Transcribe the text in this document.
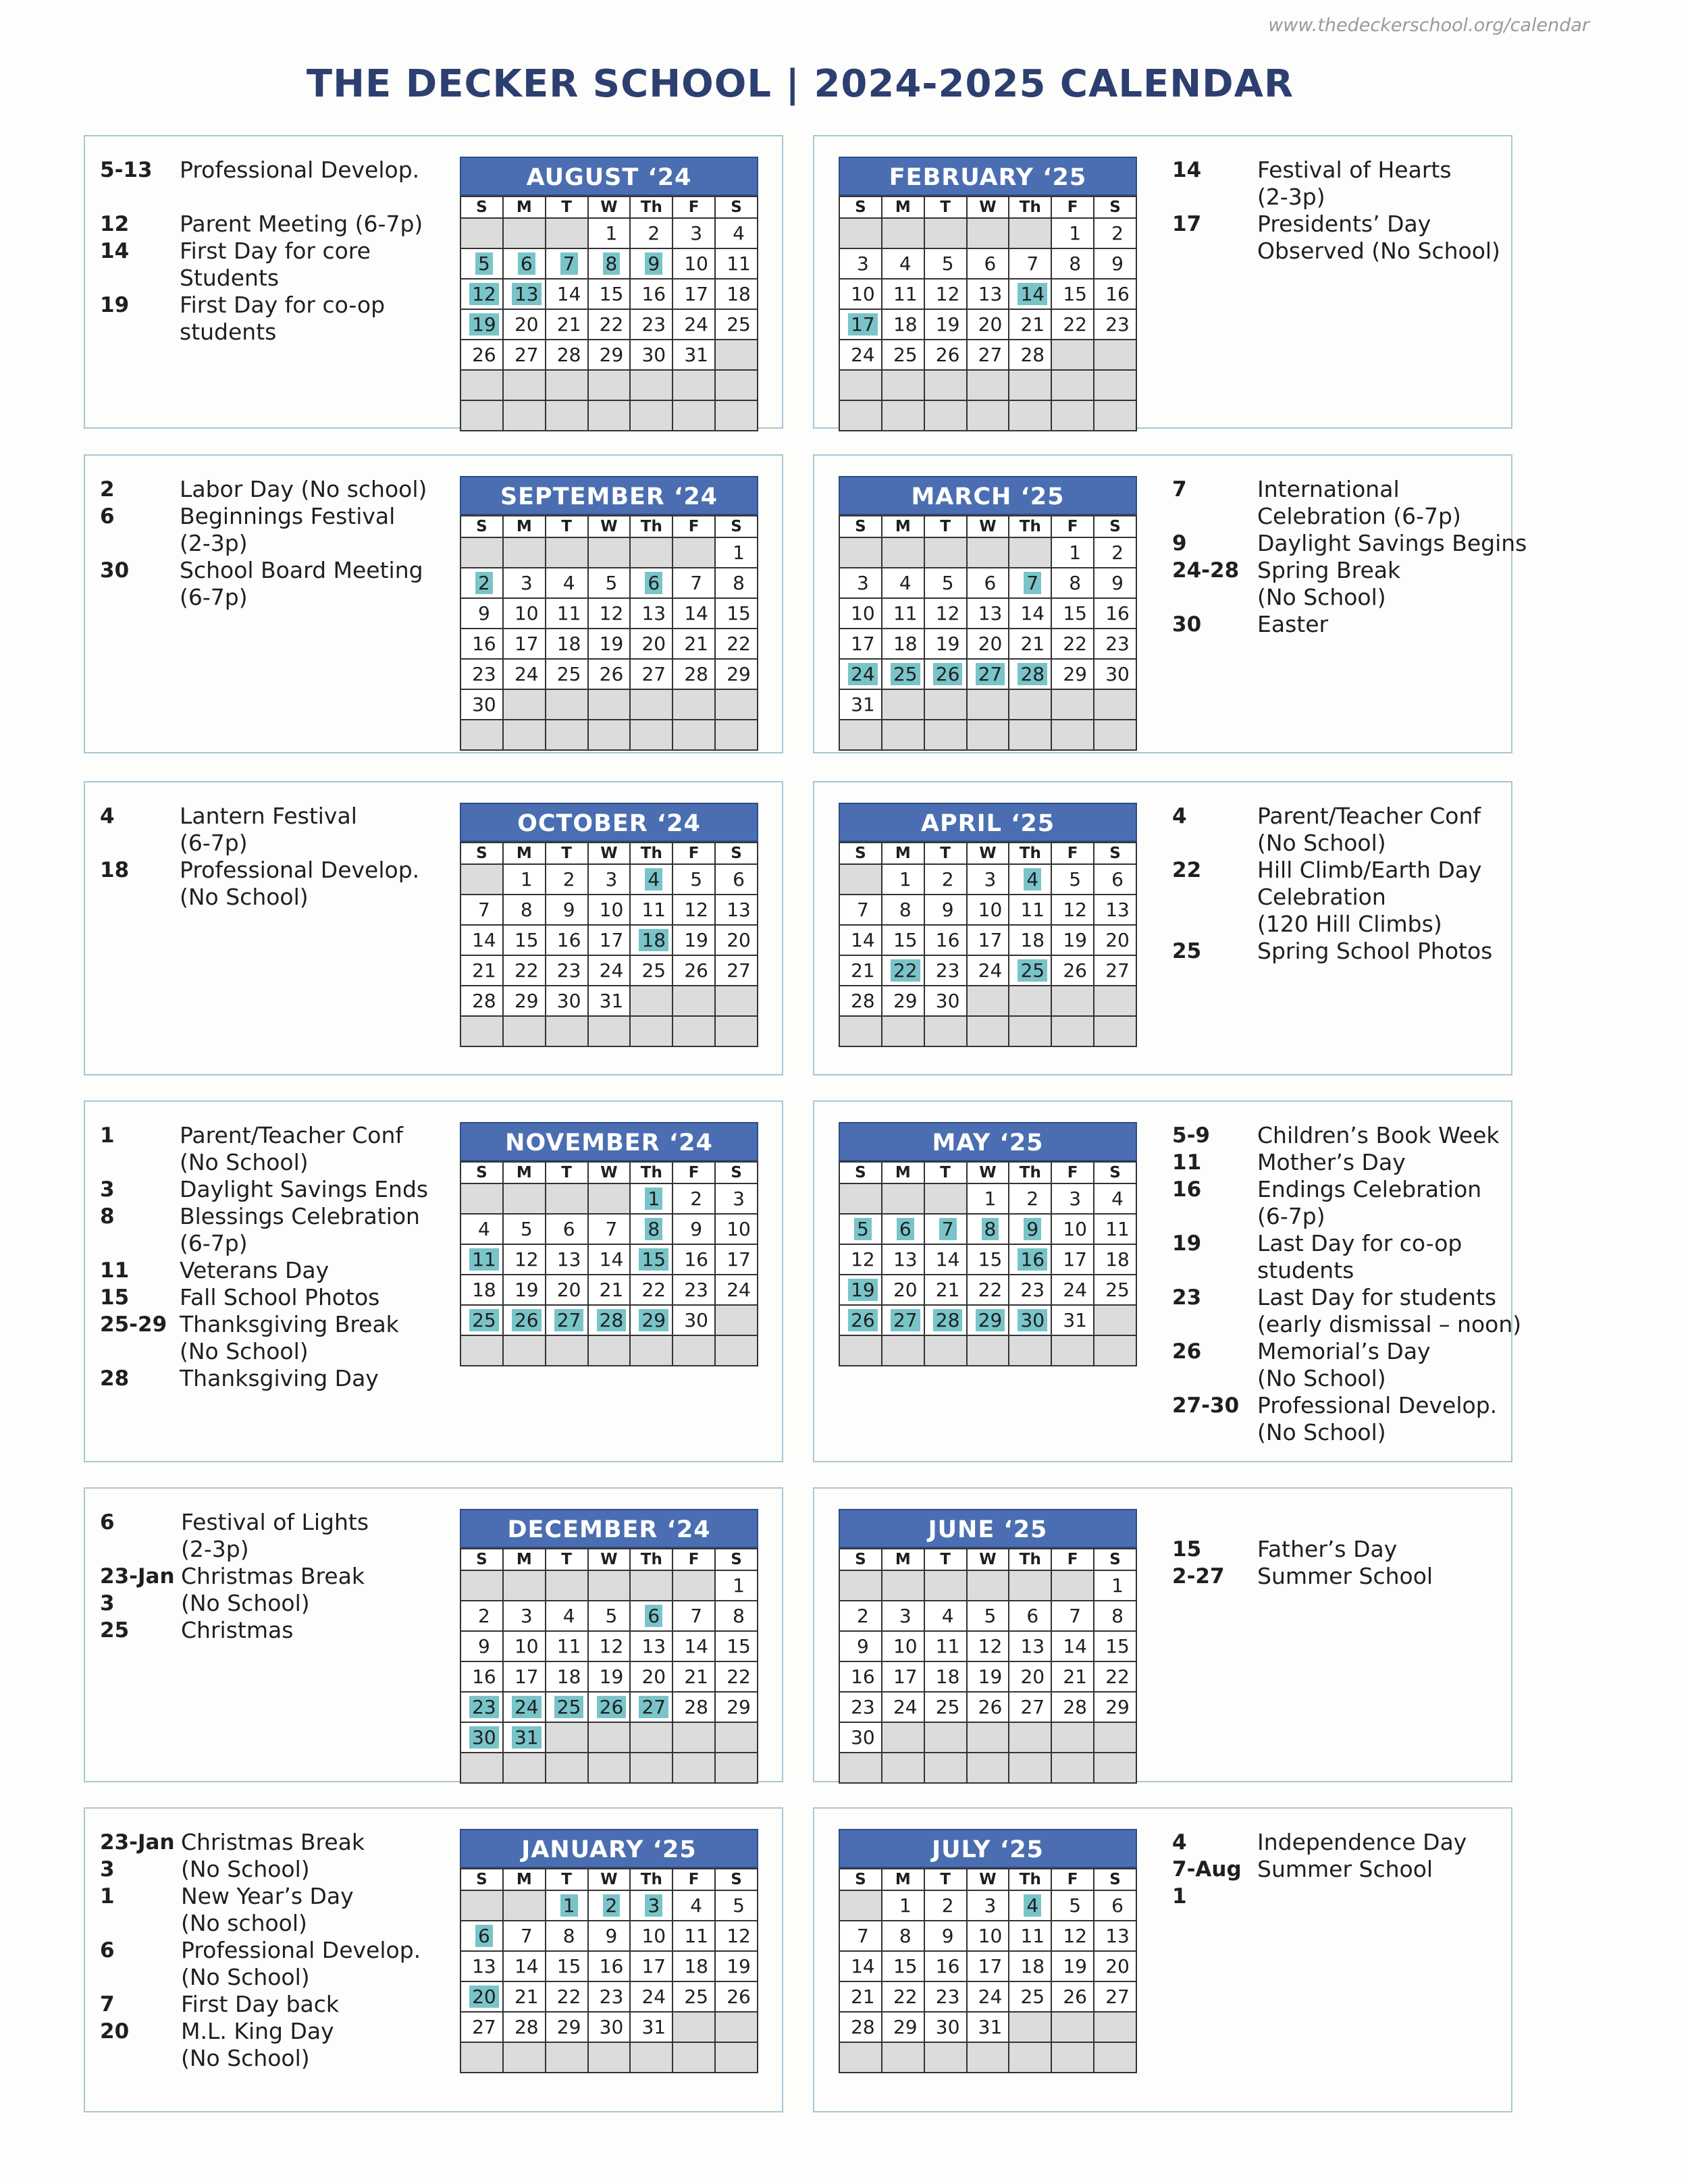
www.thedeckerschool.org/calendar
THE DECKER SCHOOL | 2024-2025 CALENDAR
5-13	Professional Develop.
12	Parent Meeting (6-7p)
14	First Day for core
Students
19	First Day for co-op
students
AUGUST ‘24
S	M	T	W	Th	F	S
			1	2	3	4
5	6	7	8	9	10	11
12	13	14	15	16	17	18
19	20	21	22	23	24	25
26	27	28	29	30	31	

FEBRUARY ‘25
S	M	T	W	Th	F	S
					1	2
3	4	5	6	7	8	9
10	11	12	13	14	15	16
17	18	19	20	21	22	23
24	25	26	27	28		

14	Festival of Hearts
(2-3p)
17	Presidents’ Day
Observed (No School)
2	Labor Day (No school)
6	Beginnings Festival
(2-3p)
30	School Board Meeting
(6-7p)
SEPTEMBER ‘24
S	M	T	W	Th	F	S
						1
2	3	4	5	6	7	8
9	10	11	12	13	14	15
16	17	18	19	20	21	22
23	24	25	26	27	28	29
30						

MARCH ‘25
S	M	T	W	Th	F	S
					1	2
3	4	5	6	7	8	9
10	11	12	13	14	15	16
17	18	19	20	21	22	23
24	25	26	27	28	29	30
31						

7	International
Celebration (6-7p)
9	Daylight Savings Begins
24-28 Spring Break
(No School)
30	Easter
4	Lantern Festival
(6-7p)
18	Professional Develop.
(No School)
OCTOBER ‘24
S	M	T	W	Th	F	S
	1	2	3	4	5	6
7	8	9	10	11	12	13
14	15	16	17	18	19	20
21	22	23	24	25	26	27
28	29	30	31			

APRIL ‘25
S	M	T	W	Th	F	S
	1	2	3	4	5	6
7	8	9	10	11	12	13
14	15	16	17	18	19	20
21	22	23	24	25	26	27
28	29	30				

4	Parent/Teacher Conf
(No School)
22	Hill Climb/Earth Day
Celebration
(120 Hill Climbs)
25	Spring School Photos
1	Parent/Teacher Conf
(No School)
3	Daylight Savings Ends
8	Blessings Celebration
(6-7p)
11	Veterans Day
15	Fall School Photos
25-29 Thanksgiving Break
(No School)
28	Thanksgiving Day
NOVEMBER ‘24
S	M	T	W	Th	F	S
				1	2	3
4	5	6	7	8	9	10
11	12	13	14	15	16	17
18	19	20	21	22	23	24
25	26	27	28	29	30	

MAY ‘25
S	M	T	W	Th	F	S
			1	2	3	4
5	6	7	8	9	10	11
12	13	14	15	16	17	18
19	20	21	22	23	24	25
26	27	28	29	30	31	

5-9	Children’s Book Week
11	Mother’s Day
16	Endings Celebration
(6-7p)
19	Last Day for co-op
students
23	Last Day for students
(early dismissal – noon)
26	Memorial’s Day
(No School)
27-30 Professional Develop.
(No School)
6	Festival of Lights
(2-3p)
23-Jan 3
Christmas Break
(No School)
25	Christmas
DECEMBER ‘24
S	M	T	W	Th	F	S
						1
2	3	4	5	6	7	8
9	10	11	12	13	14	15
16	17	18	19	20	21	22
23	24	25	26	27	28	29
30	31					

JUNE ‘25
S	M	T	W	Th	F	S
						1
2	3	4	5	6	7	8
9	10	11	12	13	14	15
16	17	18	19	20	21	22
23	24	25	26	27	28	29
30						

15	Father’s Day
2-27	Summer School
23-Jan 3
Christmas Break
(No School)
1	New Year’s Day
(No school)
6	Professional Develop.
(No School)
7	First Day back
20	M.L. King Day
(No School)
JANUARY ‘25
S	M	T	W	Th	F	S
		1	2	3	4	5
6	7	8	9	10	11	12
13	14	15	16	17	18	19
20	21	22	23	24	25	26
27	28	29	30	31		

JULY ‘25
S	M	T	W	Th	F	S
	1	2	3	4	5	6
7	8	9	10	11	12	13
14	15	16	17	18	19	20
21	22	23	24	25	26	27
28	29	30	31			

4	Independence Day
7-Aug 1
Summer School
